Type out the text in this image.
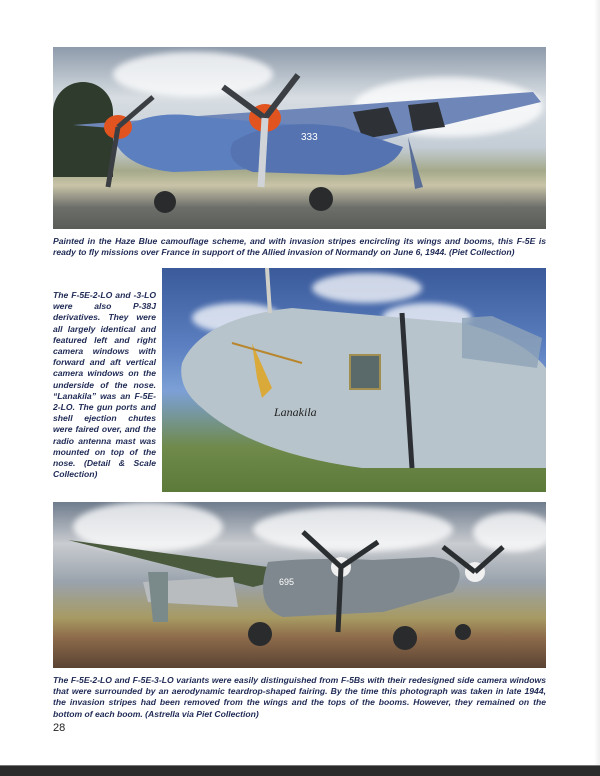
333

Painted in the Haze Blue camouflage scheme, and with invasion stripes encircling its wings and booms, this F-5E is ready to fly missions over France in support of the Allied invasion of Normandy on June 6, 1944. (Piet Collection)

Lanakila

The F-5E-2-LO and -3-LO were also P-38J derivatives. They were all largely identical and featured left and right camera windows with forward and aft vertical camera windows on the underside of the nose. “Lanakila” was an F-5E-2-LO. The gun ports and shell ejection chutes were faired over, and the radio antenna mast was mounted on top of the nose. (Detail & Scale Collection)

695

The F-5E-2-LO and F-5E-3-LO variants were easily distinguished from F-5Bs with their redesigned side camera windows that were surrounded by an aerodynamic teardrop-shaped fairing. By the time this photograph was taken in late 1944, the invasion stripes had been removed from the wings and the tops of the booms. However, they remained on the bottom of each boom. (Astrella via Piet Collection)

28
